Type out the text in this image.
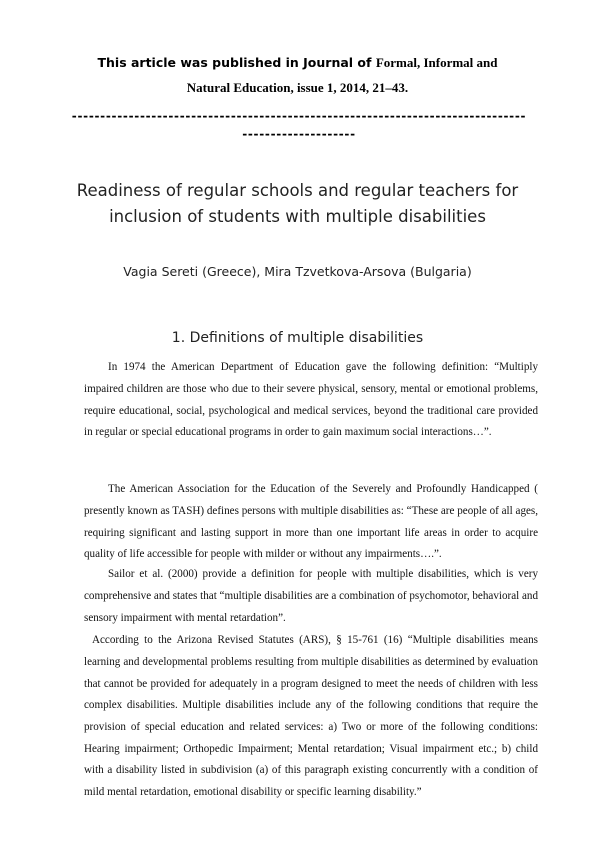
This article was published in Journal of Formal, Informal and
Natural Education, issue 1, 2014, 21–43.
--------------------------------------------------------------------------------
--------------------
Readiness of regular schools and regular teachers for
inclusion of students with multiple disabilities
Vagia Sereti (Greece), Mira Tzvetkova-Arsova (Bulgaria)
1. Definitions of multiple disabilities

In 1974 the American Department of Education gave the following definition: “Multiply impaired children are those who due to their severe physical, sensory, mental or emotional problems, require educational, social, psychological and medical services, beyond the traditional care provided in regular or special educational programs in order to gain maximum social interactions…”.

The American Association for the Education of the Severely and Profoundly Handicapped ( presently known as TASH) defines persons with multiple disabilities as: “These are people of all ages, requiring significant and lasting support in more than one important life areas in order to acquire quality of life accessible for people with milder or without any impairments….”.

Sailor et al. (2000) provide a definition for people with multiple disabilities, which is very comprehensive and states that “multiple disabilities are a combination of psychomotor, behavioral and sensory impairment with mental retardation”.

According to the Arizona Revised Statutes (ARS), § 15-761 (16) “Multiple disabilities means learning and developmental problems resulting from multiple disabilities as determined by evaluation that cannot be provided for adequately in a program designed to meet the needs of children with less complex disabilities. Multiple disabilities include any of the following conditions that require the provision of special education and related services: a) Two or more of the following conditions: Hearing impairment; Orthopedic Impairment; Mental retardation; Visual impairment etc.; b) child with a disability listed in subdivision (a) of this paragraph existing concurrently with a condition of mild mental retardation, emotional disability or specific learning disability.”
